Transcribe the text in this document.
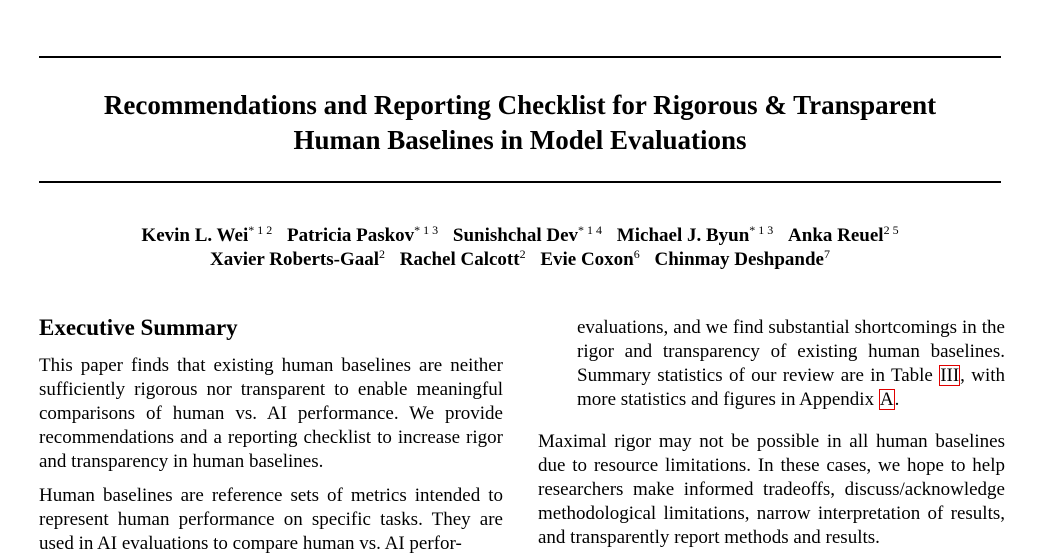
Recommendations and Reporting Checklist for Rigorous & Transparent
Human Baselines in Model Evaluations
Kevin L. Wei$^{* 1 2}$ Patricia Paskov$^{* 1 3}$ Sunishchal Dev$^{* 1 4}$ Michael J. Byun$^{* 1 3}$ Anka Reuel$^{2 5}$
Xavier Roberts-Gaal$^2$ Rachel Calcott$^2$ Evie Coxon$^6$ Chinmay Deshpande$^7$
Executive Summary

This paper finds that existing human baselines are neither sufficiently rigorous nor transparent to enable meaningful comparisons of human vs. AI performance. We provide recommendations and a reporting checklist to increase rigor and transparency in human baselines.

Human baselines are reference sets of metrics intended to represent human performance on specific tasks. They are used in AI evaluations to compare human vs. AI perfor-

evaluations, and we find substantial shortcomings in the rigor and transparency of existing human baselines. Summary statistics of our review are in Table III, with more statistics and figures in Appendix A.

Maximal rigor may not be possible in all human baselines due to resource limitations. In these cases, we hope to help researchers make informed tradeoffs, discuss/acknowledge methodological limitations, narrow interpretation of results, and transparently report methods and results.
